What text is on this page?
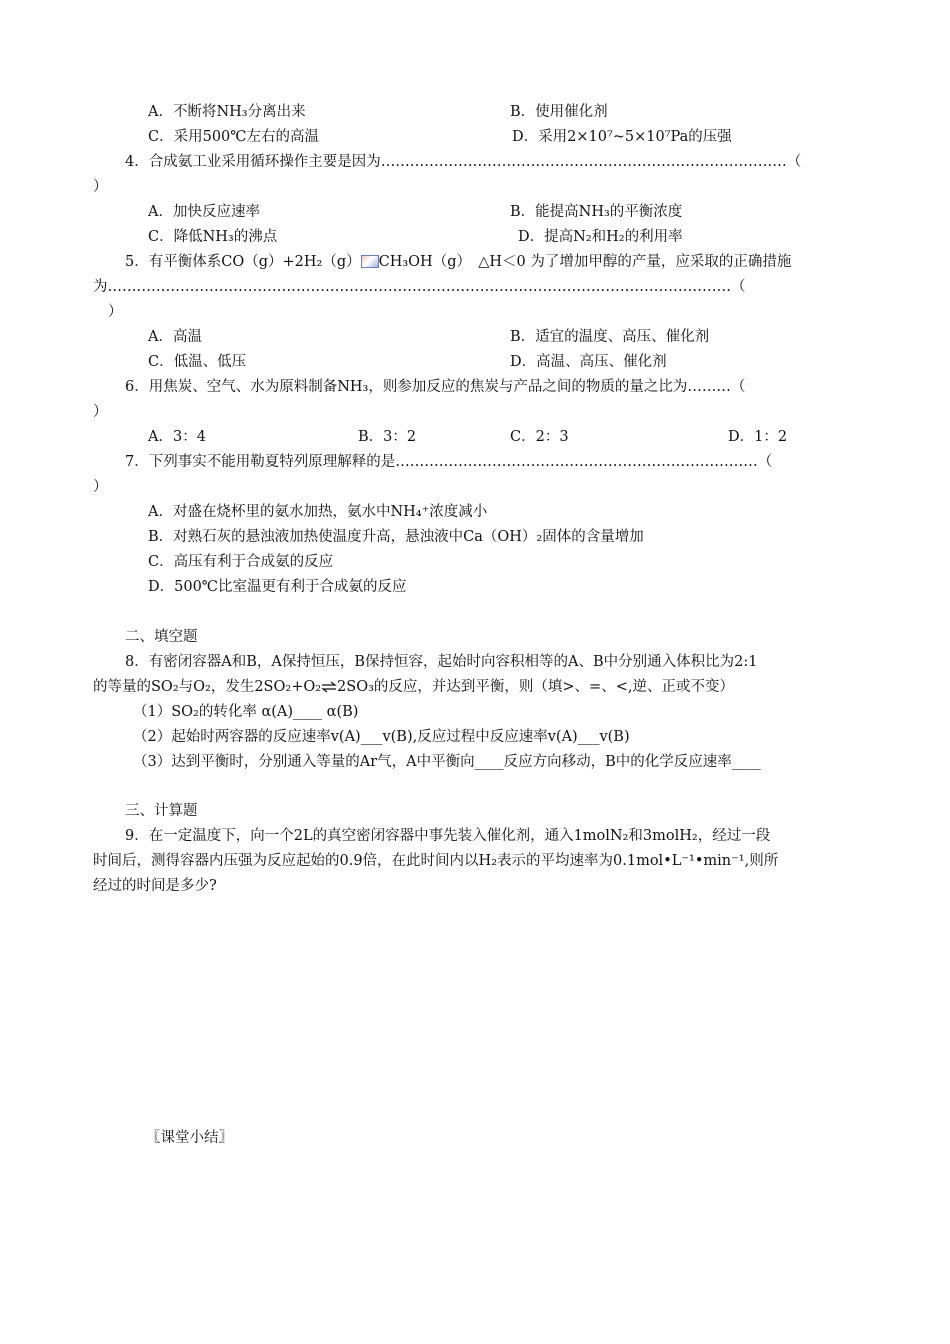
A．不断将NH₃分离出来	B．使用催化剂
C．采用500℃左右的高温	D．采用2×10⁷~5×10⁷Pa的压强
4．合成氨工业采用循环操作主要是因为…………………………………………………………………………（
）
A．加快反应速率	B．能提高NH₃的平衡浓度
C．降低NH₃的沸点	D．提高N₂和H₂的利用率
5．有平衡体系CO（g）+2H₂（g） CH₃OH（g）　△H＜0 为了增加甲醇的产量，应采取的正确措施
为…………………………………………………………………………………………………………………（
）
A．高温	B．适宜的温度、高压、催化剂
C．低温、低压	D．高温、高压、催化剂
6．用焦炭、空气、水为原料制备NH₃，则参加反应的焦炭与产品之间的物质的量之比为………（
）
A．3：4	B．3：2	C．2：3	D．1：2
7．下列事实不能用勒夏特列原理解释的是…………………………………………………………………（
）
A．对盛在烧杯里的氨水加热，氨水中NH₄⁺浓度减小
B．对熟石灰的悬浊液加热使温度升高，悬浊液中Ca（OH）₂固体的含量增加
C．高压有利于合成氨的反应
D．500℃比室温更有利于合成氨的反应
二、填空题
8．有密闭容器A和B，A保持恒压，B保持恒容，起始时向容积相等的A、B中分别通入体积比为2:1
的等量的SO₂与O₂，发生2SO₂+O₂⇌2SO₃的反应，并达到平衡，则（填>、=、<,逆、正或不变）
（1）SO₂的转化率 α(A)____ α(B)
（2）起始时两容器的反应速率v(A)___v(B),反应过程中反应速率v(A)___v(B)
（3）达到平衡时，分别通入等量的Ar气，A中平衡向____反应方向移动，B中的化学反应速率____
三、计算题
9．在一定温度下，向一个2L的真空密闭容器中事先装入催化剂，通入1molN₂和3molH₂，经过一段
时间后，测得容器内压强为反应起始的0.9倍，在此时间内以H₂表示的平均速率为0.1mol•L⁻¹•min⁻¹,则所
经过的时间是多少?
〖课堂小结〗
